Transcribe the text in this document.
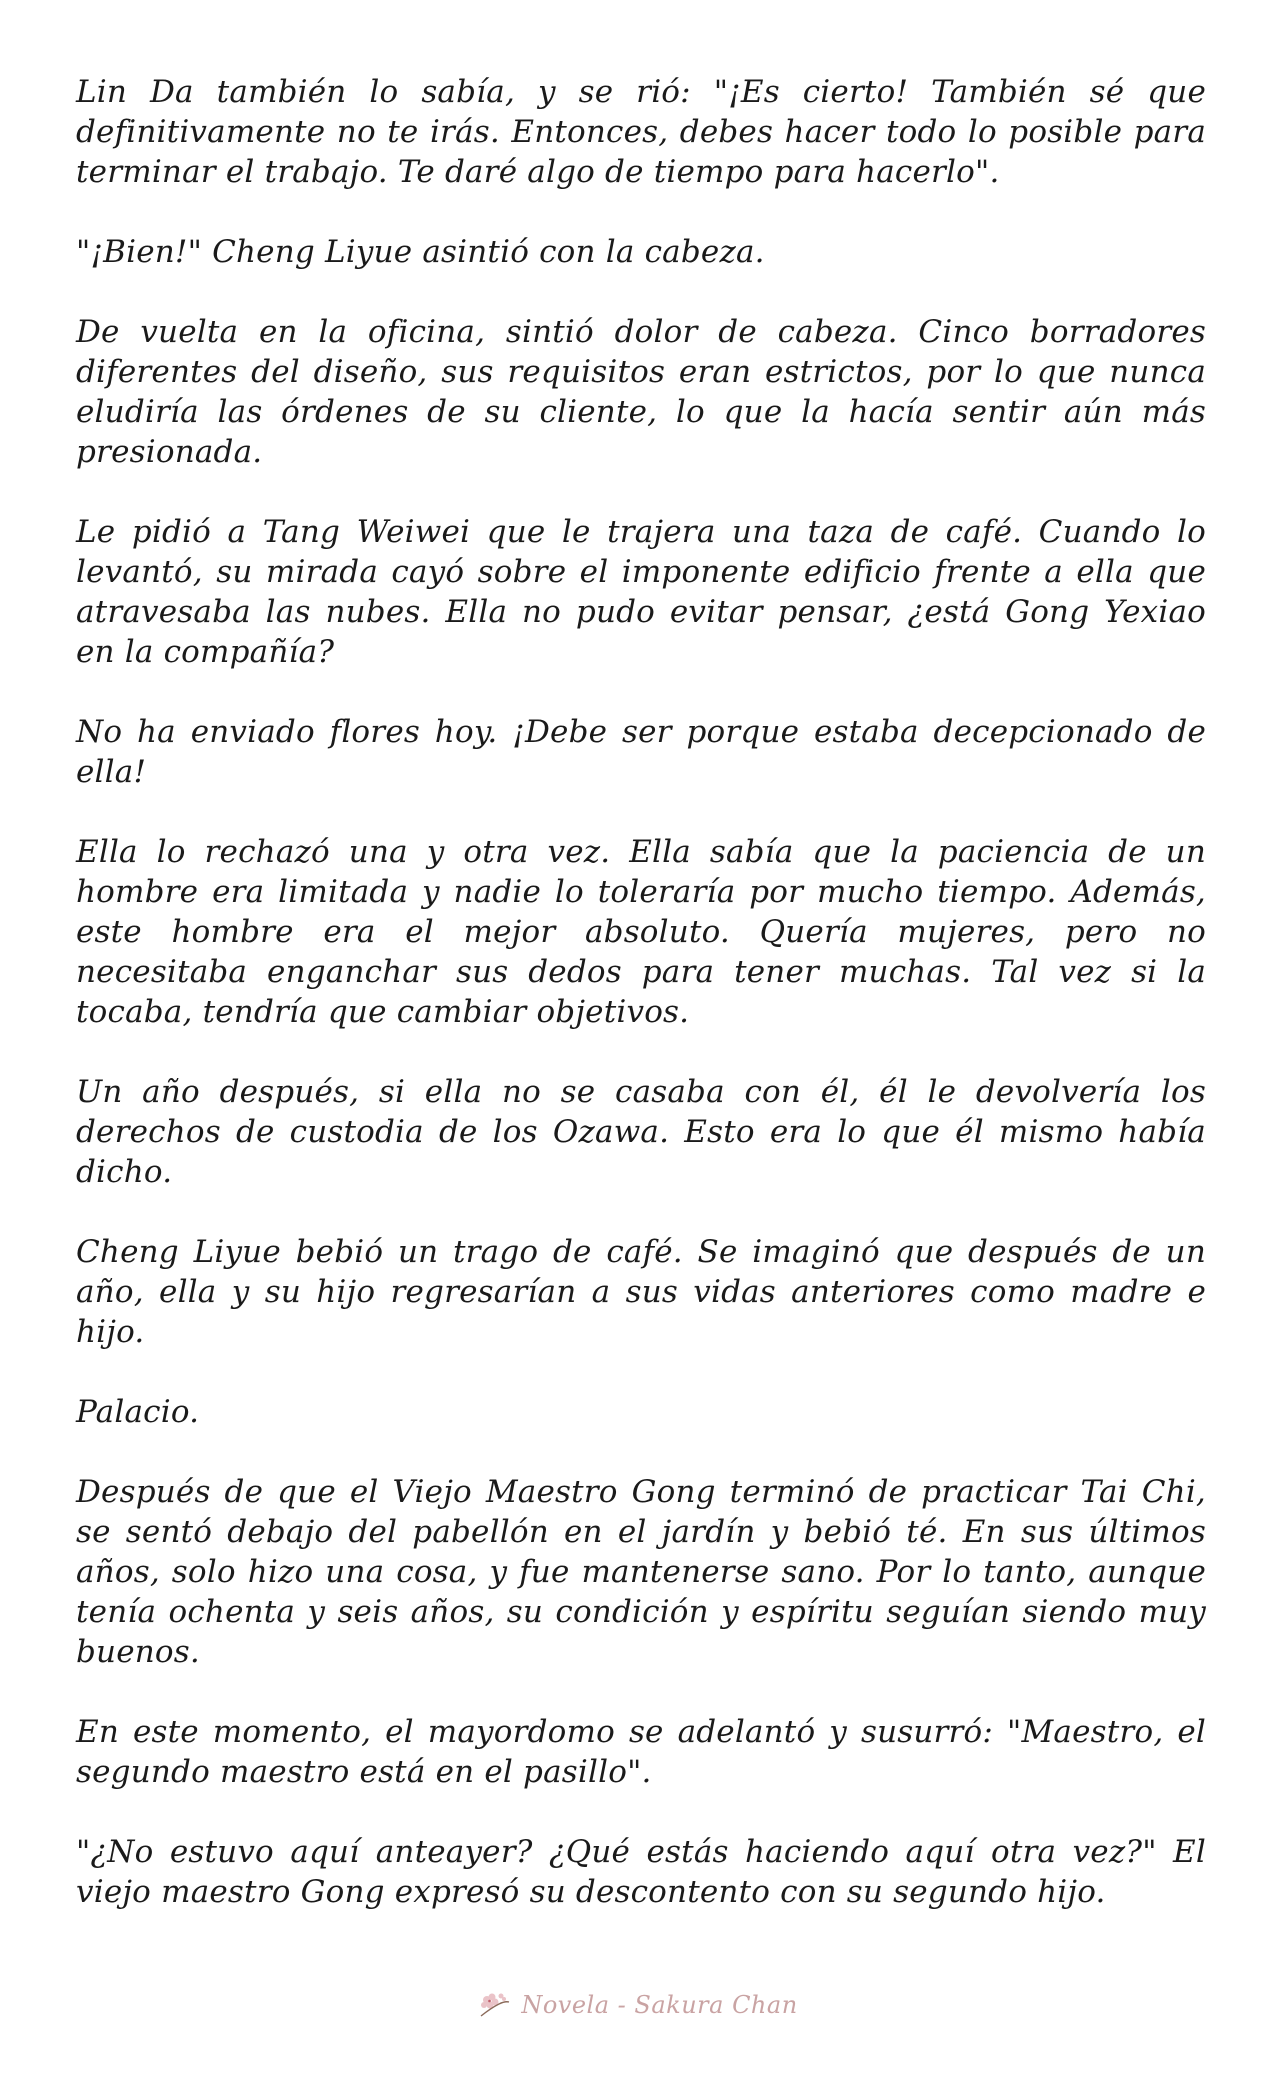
Lin Da también lo sabía, y se rió: "¡Es cierto! También sé que definitivamente no te irás. Entonces, debes hacer todo lo posible para terminar el trabajo. Te daré algo de tiempo para hacerlo".

"¡Bien!" Cheng Liyue asintió con la cabeza.

De vuelta en la oficina, sintió dolor de cabeza. Cinco borradores diferentes del diseño, sus requisitos eran estrictos, por lo que nunca eludiría las órdenes de su cliente, lo que la hacía sentir aún más presionada.

Le pidió a Tang Weiwei que le trajera una taza de café. Cuando lo levantó, su mirada cayó sobre el imponente edificio frente a ella que atravesaba las nubes. Ella no pudo evitar pensar, ¿está Gong Yexiao en la compañía?

No ha enviado flores hoy. ¡Debe ser porque estaba decepcionado de ella!

Ella lo rechazó una y otra vez. Ella sabía que la paciencia de un hombre era limitada y nadie lo toleraría por mucho tiempo. Además, este hombre era el mejor absoluto. Quería mujeres, pero no necesitaba enganchar sus dedos para tener muchas. Tal vez si la tocaba, tendría que cambiar objetivos.

Un año después, si ella no se casaba con él, él le devolvería los derechos de custodia de los Ozawa. Esto era lo que él mismo había dicho.

Cheng Liyue bebió un trago de café. Se imaginó que después de un año, ella y su hijo regresarían a sus vidas anteriores como madre e hijo.

Palacio.

Después de que el Viejo Maestro Gong terminó de practicar Tai Chi, se sentó debajo del pabellón en el jardín y bebió té. En sus últimos años, solo hizo una cosa, y fue mantenerse sano. Por lo tanto, aunque tenía ochenta y seis años, su condición y espíritu seguían siendo muy buenos.

En este momento, el mayordomo se adelantó y susurró: "Maestro, el segundo maestro está en el pasillo".

"¿No estuvo aquí anteayer? ¿Qué estás haciendo aquí otra vez?" El viejo maestro Gong expresó su descontento con su segundo hijo.

Novela - Sakura Chan
